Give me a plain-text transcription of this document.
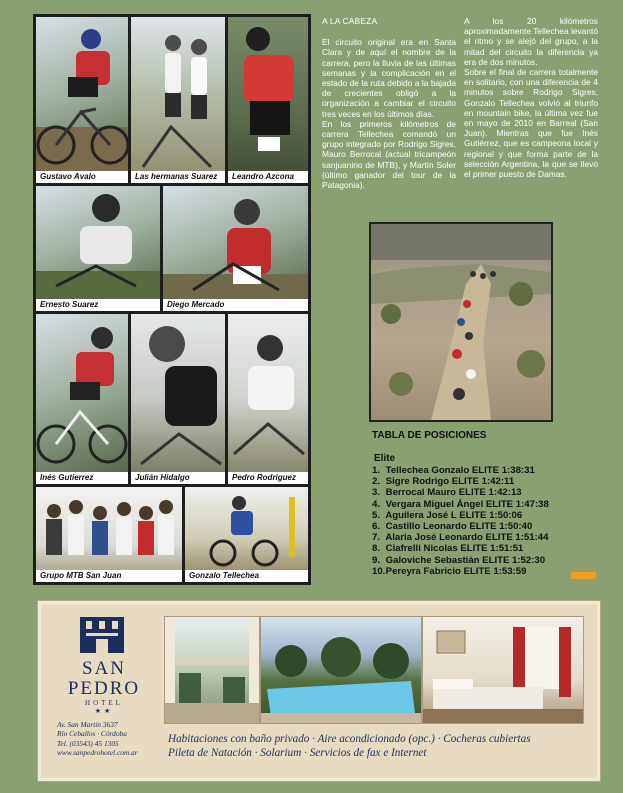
Gustavo Avalo	Las hermanas Suarez	Leandro Azcona
Ernesto Suarez	Diego Mercado
Inés Gutierrez	Julián Hidalgo	Pedro Rodriguez
Grupo MTB San Juan	Gonzalo Tellechea

A LA CABEZA

El circuito original era en Santa Clara y de aquí el nombre de la carrera, pero la lluvia de las últimas semanas y la complicación en el estado de la ruta debido a la bajada de crecientes obligó a la organización a cambiar el circuito tres veces en los últimos días.

En los primeros kilómetros de carrera Tellechea comandó un grupo integrado por Rodrigo Sigres, Mauro Berrocal (actual tricampeón sanjuanino de MTB), y Martín Soler (último ganador del tour de la Patagonia).

A los 20 kilómetros aproximadamente Tellechea levantó el ritmo y se alejó del grupo, a la mitad del circuito la diferencia ya era de dos minutos.

Sobre el final de carrera totalmente en solitario, con una diferencia de 4 minutos sobre Rodrigo Sigres, Gonzalo Tellechea volvió al triunfo en mountain bike, la última vez fue en mayo de 2010 en Barreal (San Juan). Mientras que fue Inés Gutiérrez, que es campeona local y regional y que forma parte de la selección Argentina, la que se llevó el primer puesto de Damas.

TABLA DE POSICIONES
Elite
1. Tellechea Gonzalo ELITE 1:38:31
2. Sigre Rodrigo ELITE 1:42:11
3. Berrocal Mauro ELITE 1:42:13
4. Vergara Miguel Ángel ELITE 1:47:38
5. Aguilera José L ELITE 1:50:06
6. Castillo Leonardo ELITE 1:50:40
7. Alaria José Leonardo ELITE 1:51:44
8. Ciafrelli Nicolas ELITE 1:51:51
9. Galoviche Sebastián ELITE 1:52:30
10. Pereyra Fabricio ELITE 1:53:59
SAN
PEDRO
HOTEL
★★
Av. San Martín 3637
Río Ceballos · Córdoba
Tel. (03543) 45 1305
www.sanpedrohotel.com.ar
Habitaciones con baño privado · Aire acondicionado (opc.) · Cocheras cubiertas
Pileta de Natación · Solarium · Servicios de fax e Internet
